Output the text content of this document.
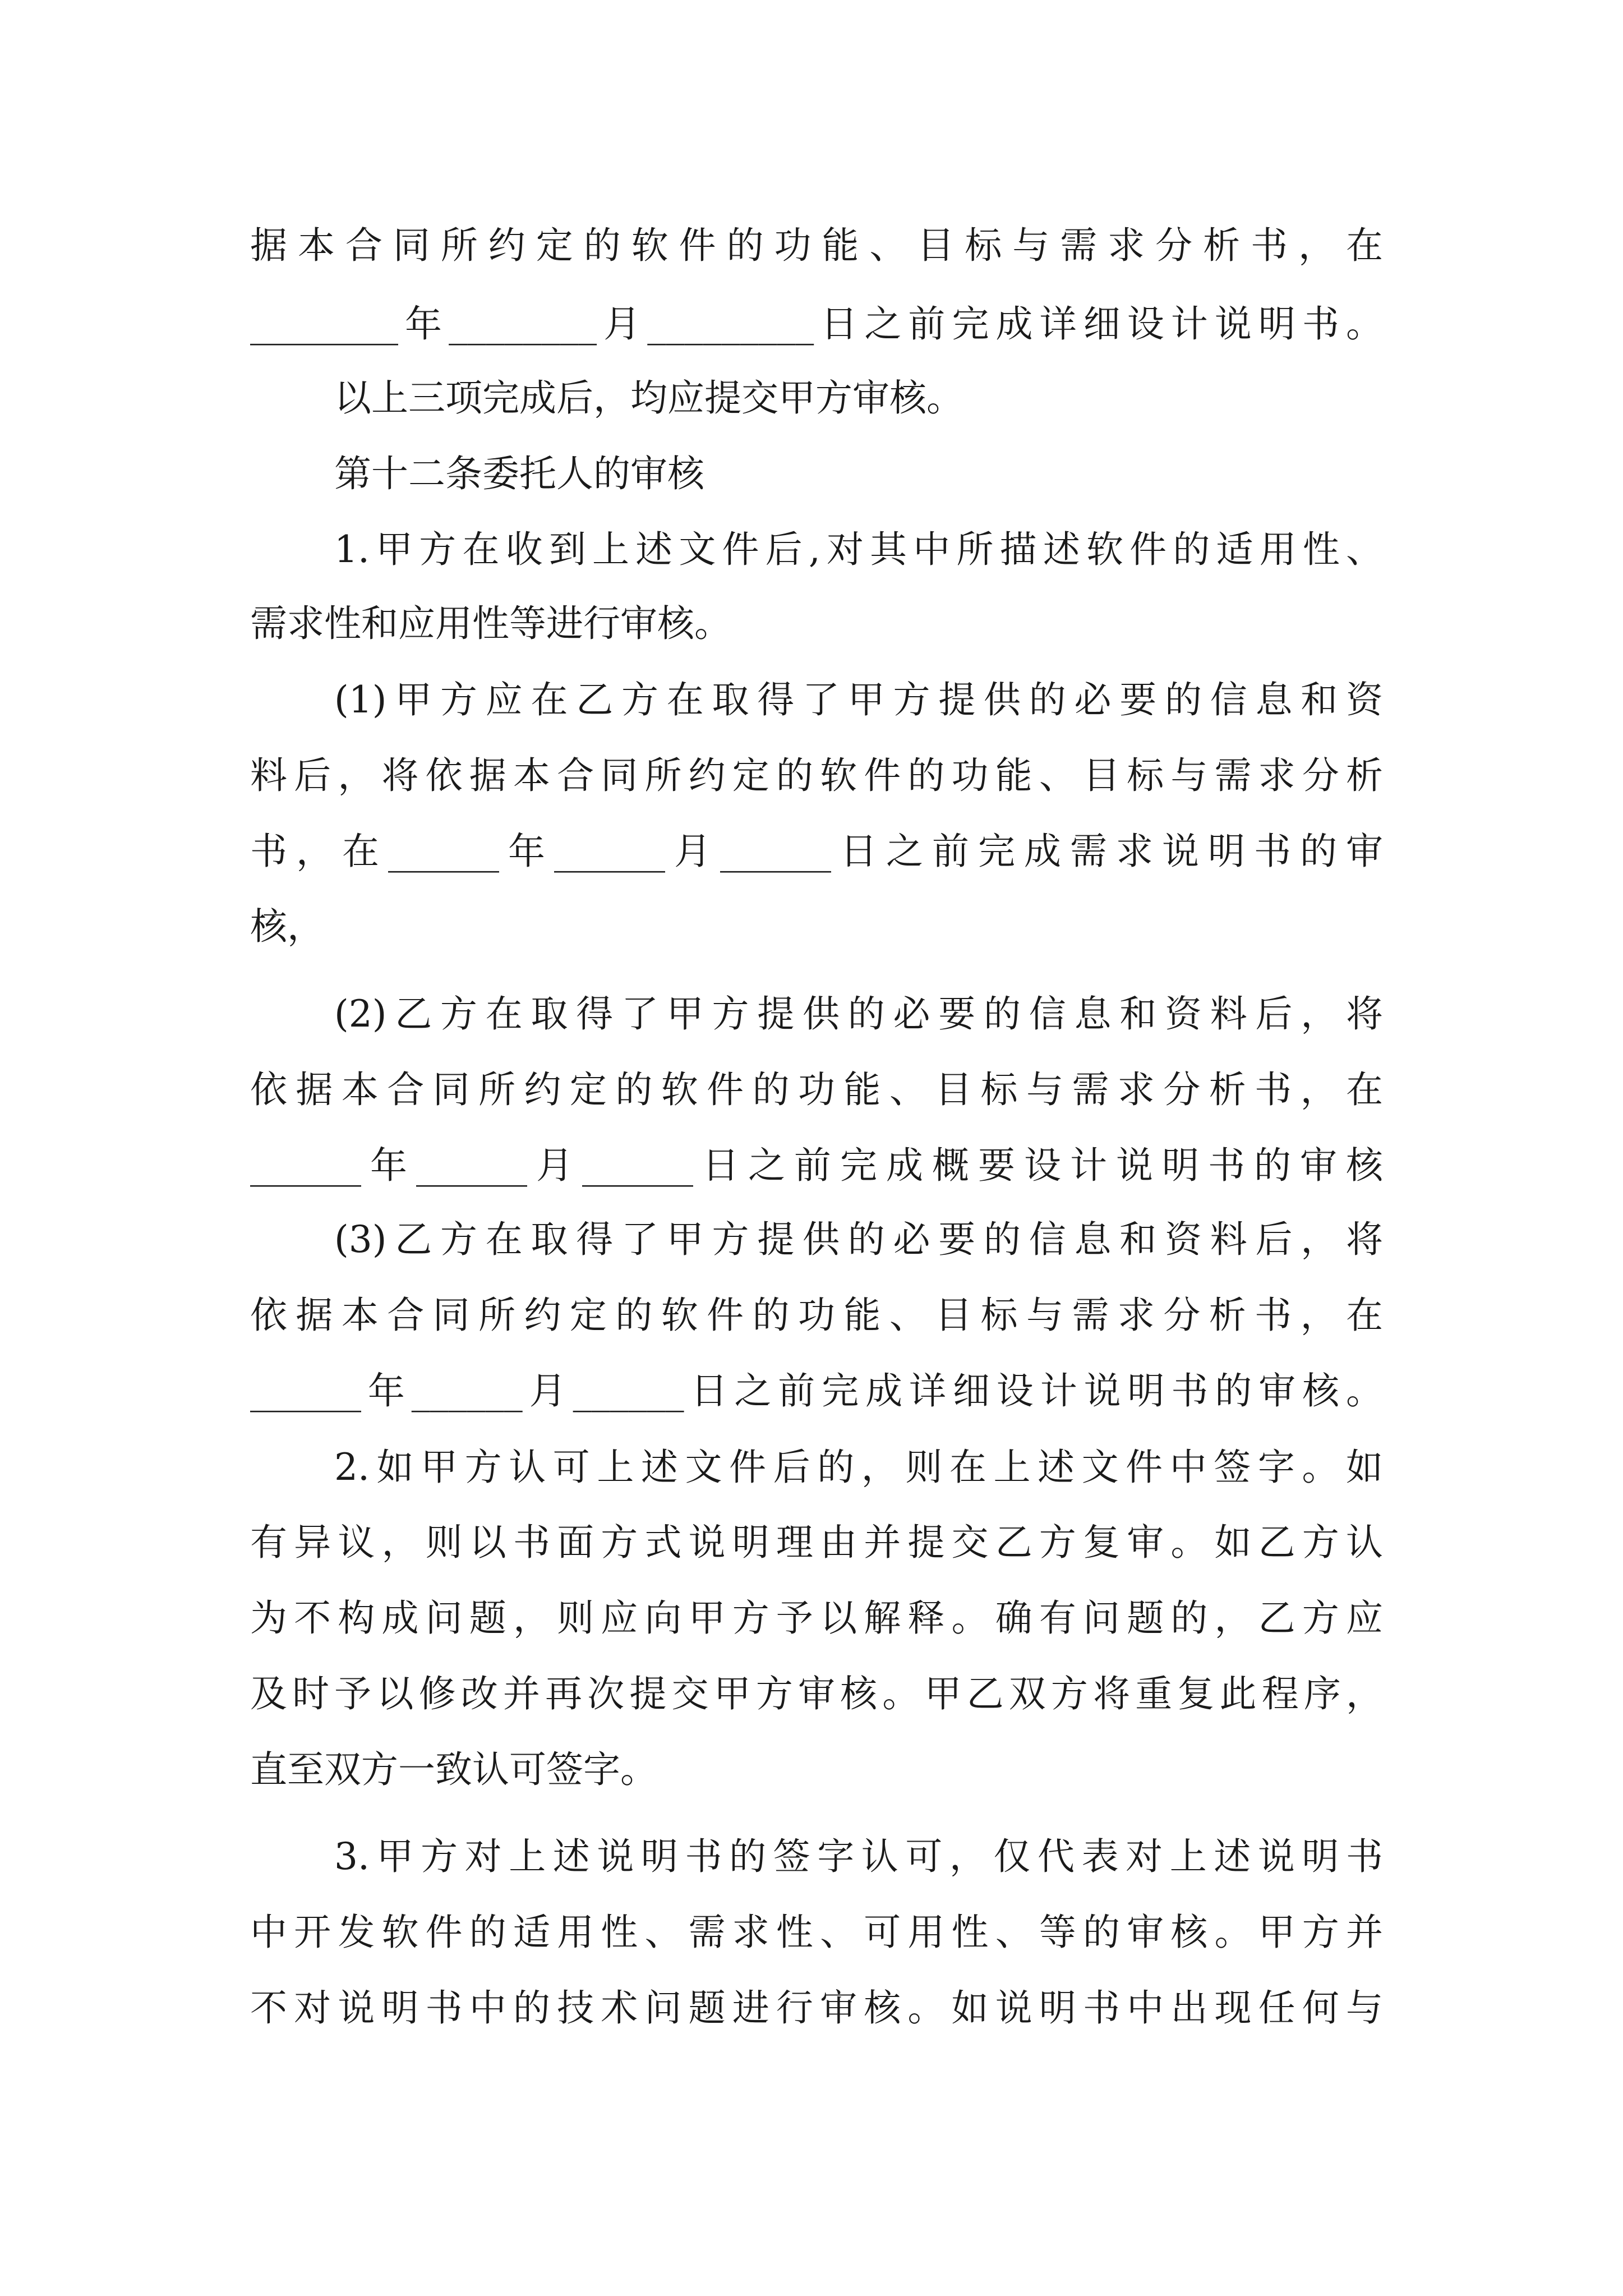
据本合同所约定的软件的功能、目标与需求分析书，在
________年________月_________日之前完成详细设计说明书。
以上三项完成后，均应提交甲方审核。
第十二条委托人的审核
1.甲方在收到上述文件后,对其中所描述软件的适用性、
需求性和应用性等进行审核。
(1)甲方应在乙方在取得了甲方提供的必要的信息和资
料后，将依据本合同所约定的软件的功能、目标与需求分析
书，在______年______月______日之前完成需求说明书的审
核，
(2)乙方在取得了甲方提供的必要的信息和资料后，将
依据本合同所约定的软件的功能、目标与需求分析书，在
______年______月______日之前完成概要设计说明书的审核
(3)乙方在取得了甲方提供的必要的信息和资料后，将
依据本合同所约定的软件的功能、目标与需求分析书，在
______年______月______日之前完成详细设计说明书的审核。
2.如甲方认可上述文件后的，则在上述文件中签字。如
有异议，则以书面方式说明理由并提交乙方复审。如乙方认
为不构成问题，则应向甲方予以解释。确有问题的，乙方应
及时予以修改并再次提交甲方审核。甲乙双方将重复此程序，
直至双方一致认可签字。
3.甲方对上述说明书的签字认可，仅代表对上述说明书
中开发软件的适用性、需求性、可用性、等的审核。甲方并
不对说明书中的技术问题进行审核。如说明书中出现任何与
